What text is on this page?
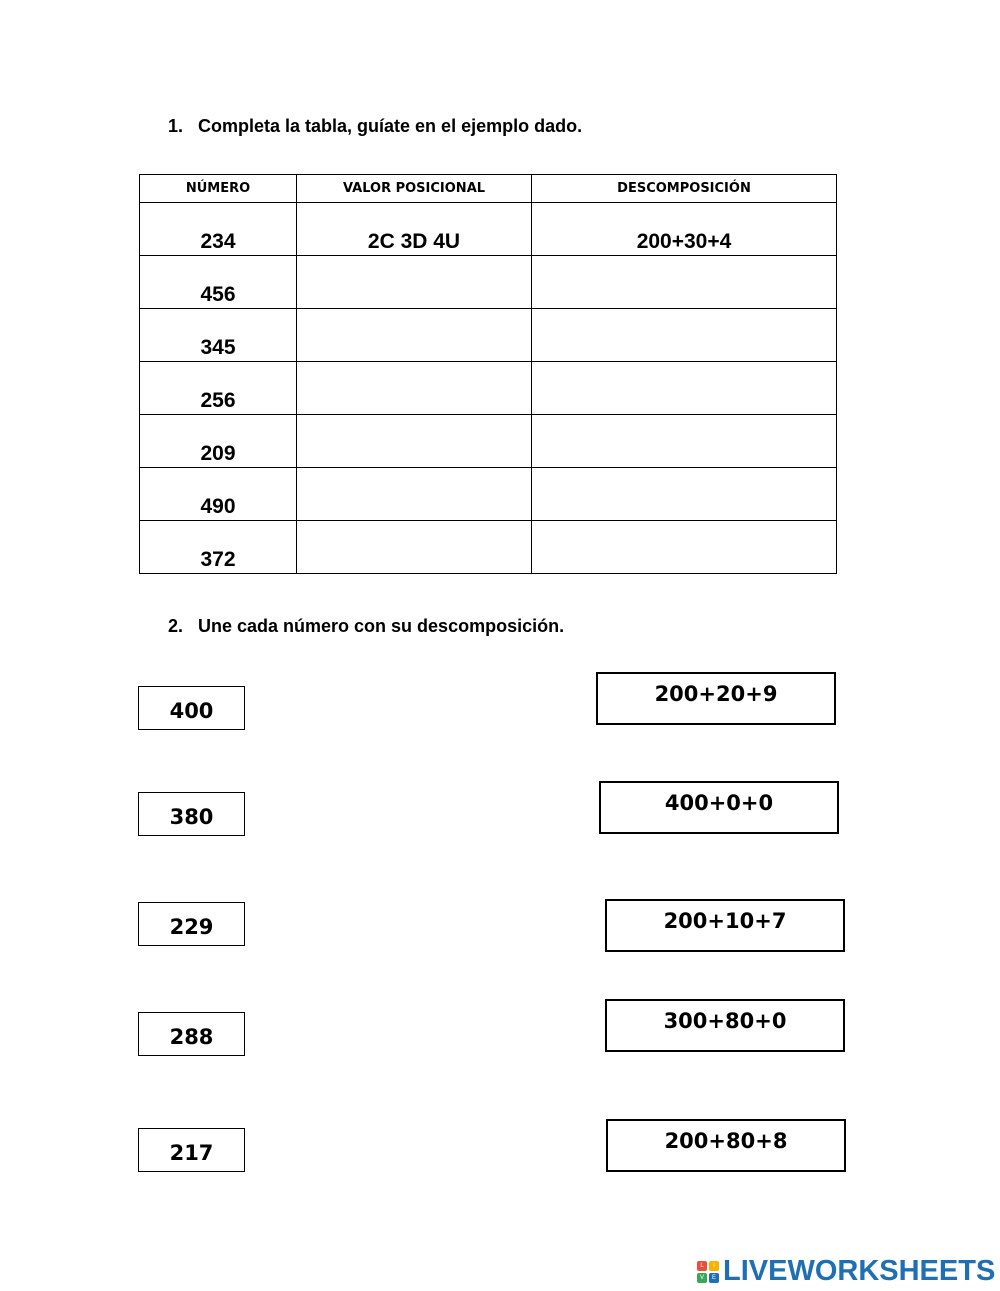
1. Completa la tabla, guíate en el ejemplo dado.
NÚMERO	VALOR POSICIONAL	DESCOMPOSICIÓN
234	2C 3D 4U	200+30+4
456		
345		
256		
209		
490		
372		
2. Une cada número con su descomposición.
400
380
229
288
217
200+20+9
400+0+0
200+10+7
300+80+0
200+80+8
L	I
V	E LIVEWORKSHEETS
